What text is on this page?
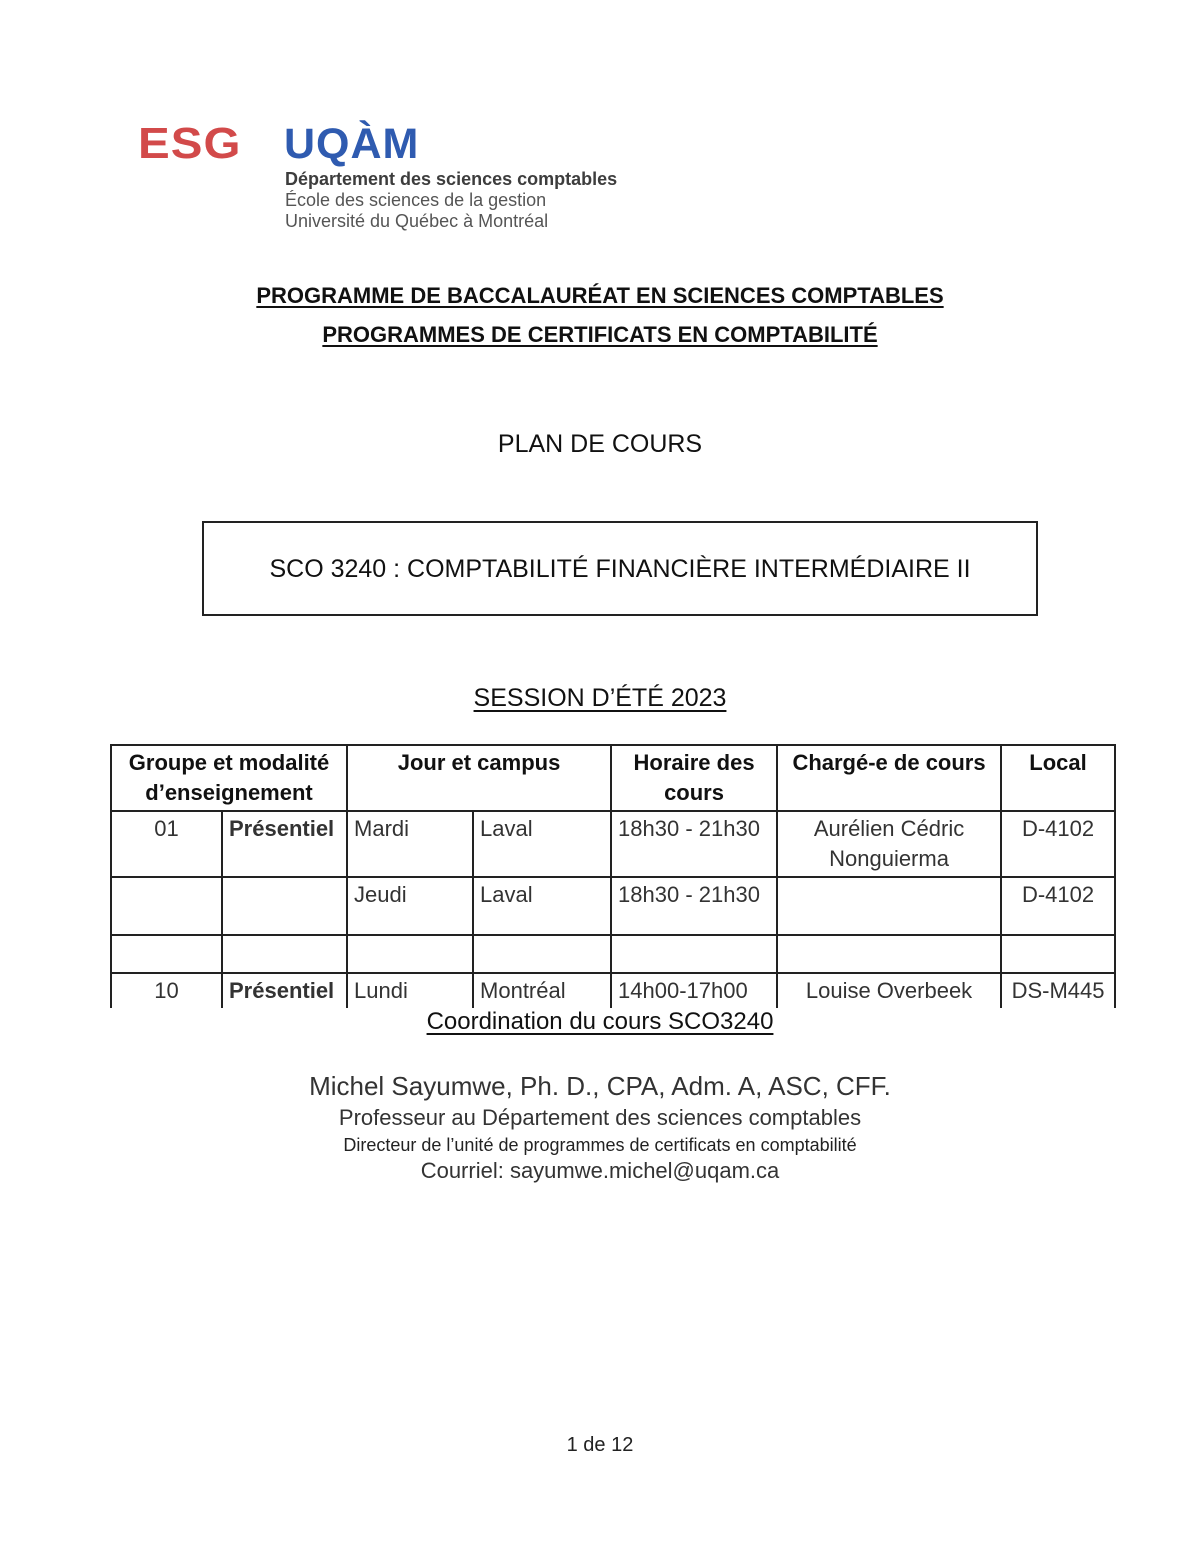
ESG UQÀM
Département des sciences comptables
École des sciences de la gestion
Université du Québec à Montréal
PROGRAMME DE BACCALAURÉAT EN SCIENCES COMPTABLES
PROGRAMMES DE CERTIFICATS EN COMPTABILITÉ
PLAN DE COURS
SCO 3240 : COMPTABILITÉ FINANCIÈRE INTERMÉDIAIRE II
SESSION D’ÉTÉ 2023
Groupe et modalité d’enseignement		Jour et campus		Horaire des cours	Chargé-e de cours	Local
01	Présentiel	Mardi	Laval	18h30 - 21h30	Aurélien Cédric Nonguierma	D-4102
		Jeudi	Laval	18h30 - 21h30		D-4102

10	Présentiel	Lundi	Montréal	14h00-17h00	Louise Overbeek	DS-M445
Coordination du cours SCO3240
Michel Sayumwe, Ph. D., CPA, Adm. A, ASC, CFF.
Professeur au Département des sciences comptables
Directeur de l’unité de programmes de certificats en comptabilité
Courriel: sayumwe.michel@uqam.ca
1 de 12
